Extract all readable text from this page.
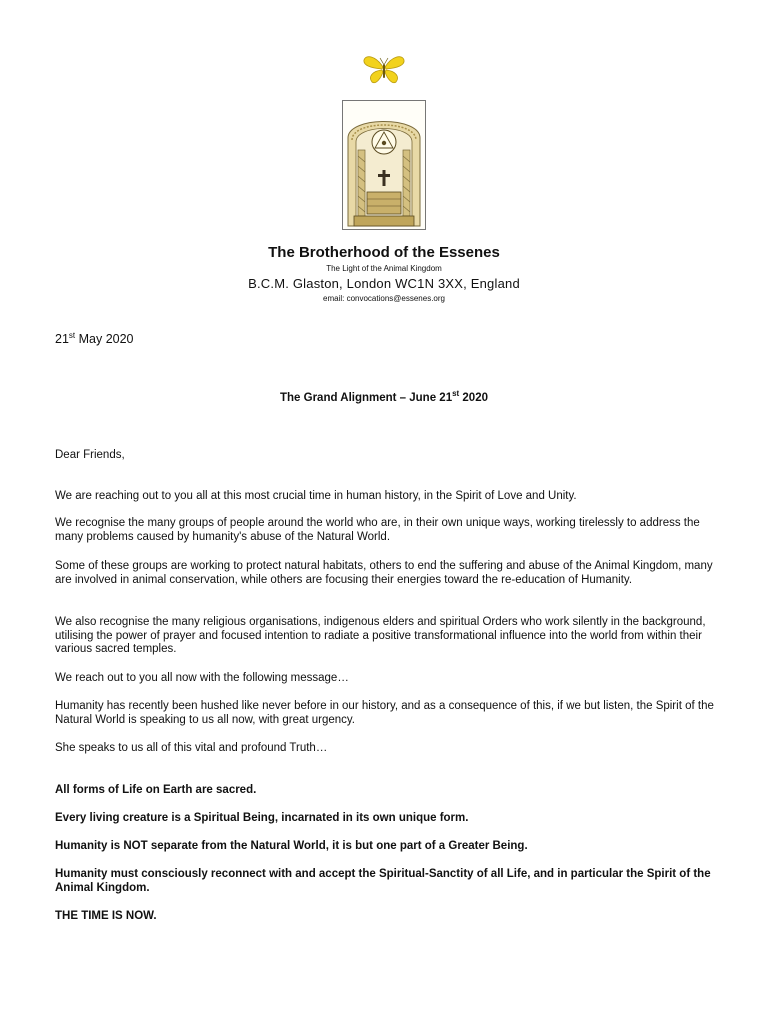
The Brotherhood of the Essenes
The Light of the Animal Kingdom
B.C.M. Glaston, London WC1N 3XX, England
email: convocations@essenes.org
21st May 2020
The Grand Alignment – June 21st 2020

Dear Friends,

We are reaching out to you all at this most crucial time in human history, in the Spirit of Love and Unity.

We recognise the many groups of people around the world who are, in their own unique ways, working tirelessly to address the many problems caused by humanity's abuse of the Natural World.

Some of these groups are working to protect natural habitats, others to end the suffering and abuse of the Animal Kingdom, many are involved in animal conservation, while others are focusing their energies toward the re-education of Humanity.

We also recognise the many religious organisations, indigenous elders and spiritual Orders who work silently in the background, utilising the power of prayer and focused intention to radiate a positive transformational influence into the world from within their various sacred temples.

We reach out to you all now with the following message…

Humanity has recently been hushed like never before in our history, and as a consequence of this, if we but listen, the Spirit of the Natural World is speaking to us all now, with great urgency.

She speaks to us all of this vital and profound Truth…

All forms of Life on Earth are sacred.

Every living creature is a Spiritual Being, incarnated in its own unique form.

Humanity is NOT separate from the Natural World, it is but one part of a Greater Being.

Humanity must consciously reconnect with and accept the Spiritual-Sanctity of all Life, and in particular the Spirit of the Animal Kingdom.

THE TIME IS NOW.
